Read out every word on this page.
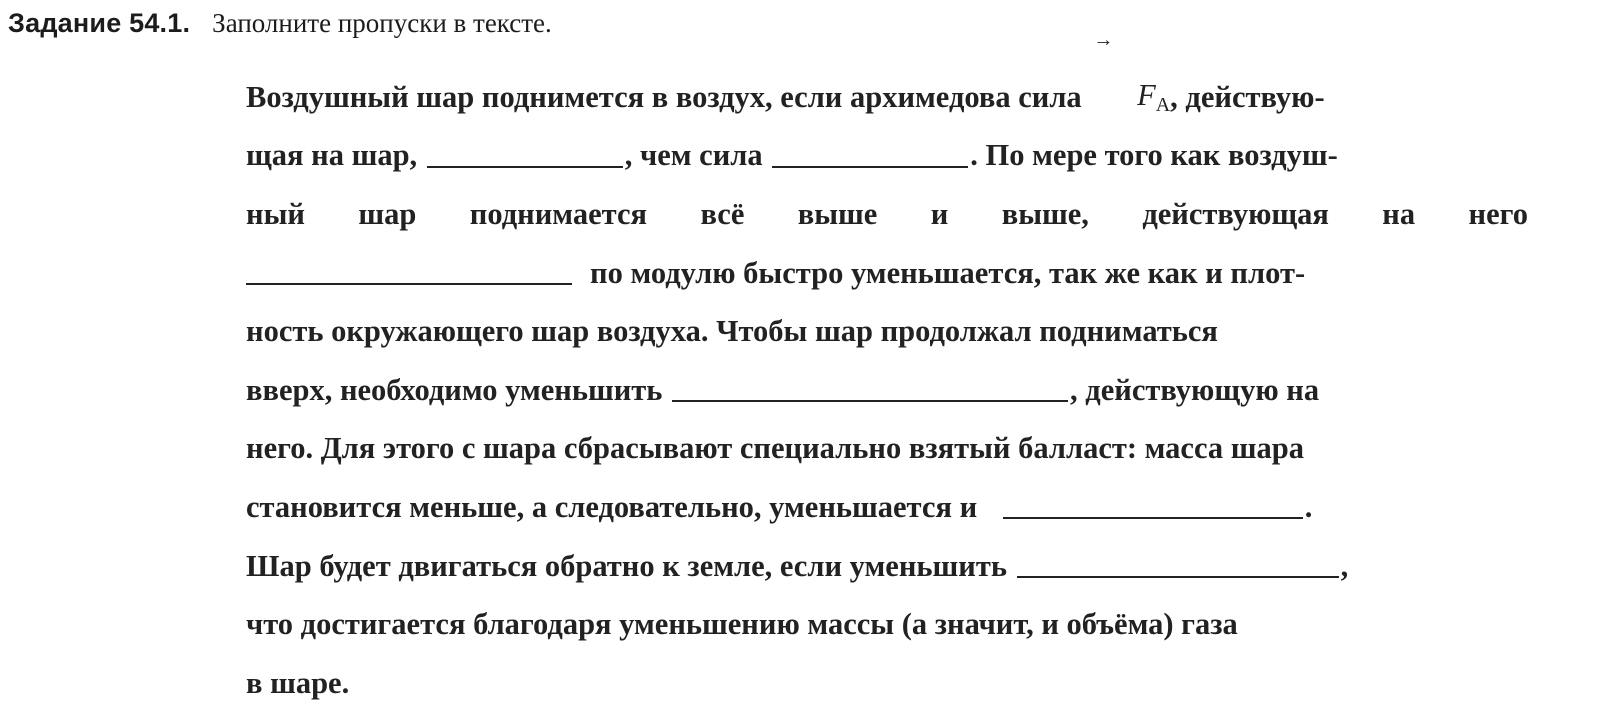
Задание 54.1. Заполните пропуски в тексте.
Воздушный шар поднимется в воздух, если архимедова сила

→
$F_А$
, действую-
щая на шар,	, чем сила	. По мере того как воздуш-
ный шар поднимается всё выше и выше, действующая на него
по модулю быстро уменьшается, так же как и плот-
ность окружающего шар воздуха. Чтобы шар продолжал подниматься
вверх, необходимо уменьшить	, действующую на
него. Для этого с шара сбрасывают специально взятый балласт: масса шара
становится меньше, а следовательно, уменьшается и	.
Шар будет двигаться обратно к земле, если уменьшить	,
что достигается благодаря уменьшению массы (а значит, и объёма) газа
в шаре.
